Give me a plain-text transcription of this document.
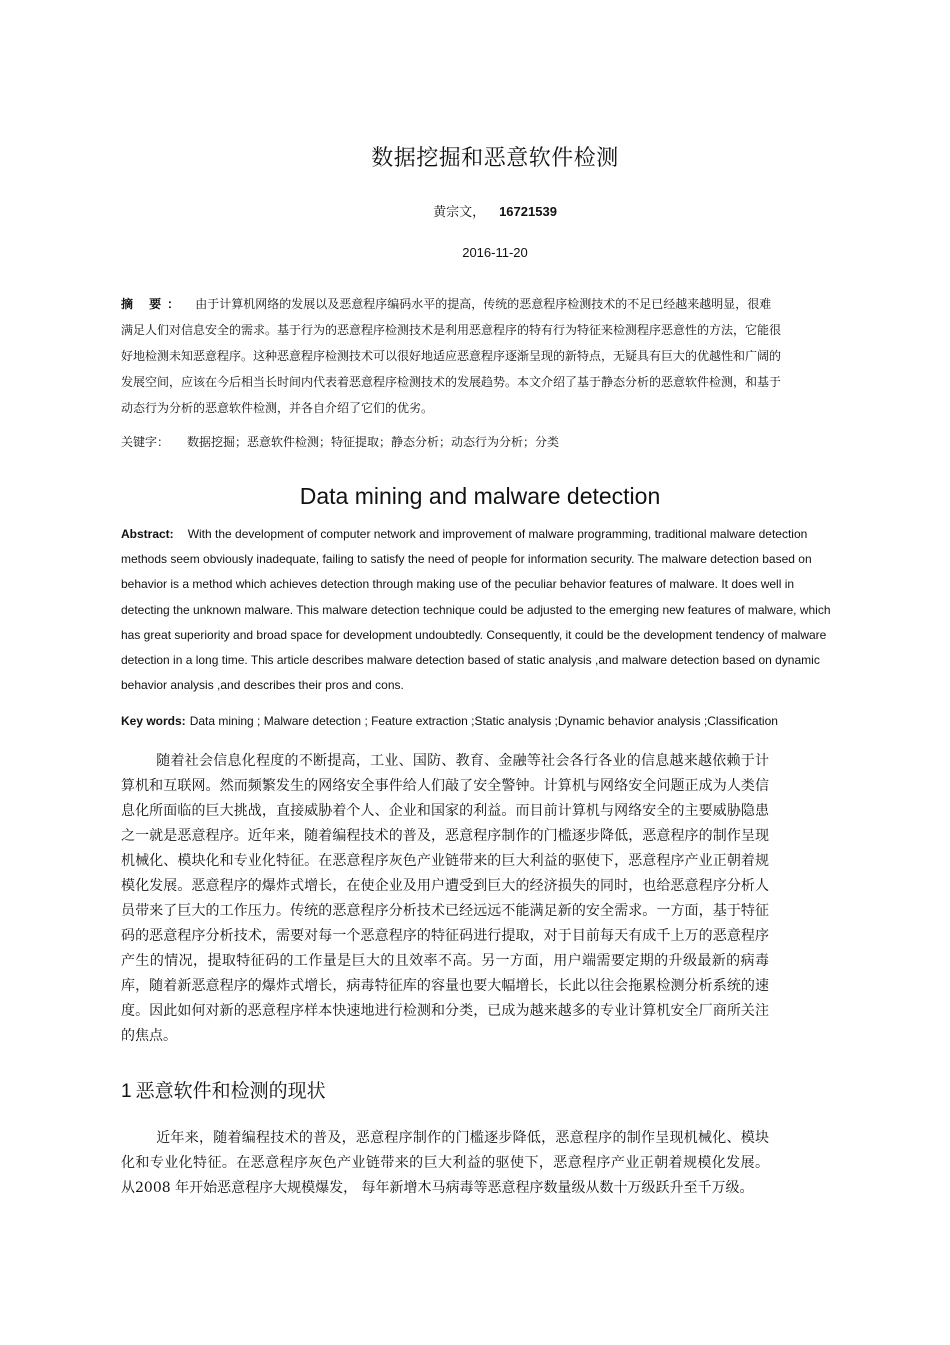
数据挖掘和恶意软件检测
黄宗文， 16721539
2016-11-20
摘 要： 由于计算机网络的发展以及恶意程序编码水平的提高，传统的恶意程序检测技术的不足已经越来越明显，很难满足人们对信息安全的需求。基于行为的恶意程序检测技术是利用恶意程序的特有行为特征来检测程序恶意性的方法，它能很好地检测未知恶意程序。这种恶意程序检测技术可以很好地适应恶意程序逐渐呈现的新特点，无疑具有巨大的优越性和广阔的发展空间，应该在今后相当长时间内代表着恶意程序检测技术的发展趋势。本文介绍了基于静态分析的恶意软件检测，和基于动态行为分析的恶意软件检测，并各自介绍了它们的优劣。
关键字： 数据挖掘；恶意软件检测；特征提取；静态分析；动态行为分析；分类
Data mining and malware detection
Abstract: With the development of computer network and improvement of malware programming, traditional malware detection methods seem obviously inadequate, failing to satisfy the need of people for information security. The malware detection based on behavior is a method which achieves detection through making use of the peculiar behavior features of malware. It does well in detecting the unknown malware. This malware detection technique could be adjusted to the emerging new features of malware, which has great superiority and broad space for development undoubtedly. Consequently, it could be the development tendency of malware detection in a long time. This article describes malware detection based of static analysis ,and malware detection based on dynamic behavior analysis ,and describes their pros and cons.
Key words: Data mining ; Malware detection ; Feature extraction ;Static analysis ;Dynamic behavior analysis ;Classification
随着社会信息化程度的不断提高，工业、国防、教育、金融等社会各行各业的信息越来越依赖于计算机和互联网。然而频繁发生的网络安全事件给人们敲了安全警钟。计算机与网络安全问题正成为人类信息化所面临的巨大挑战，直接威胁着个人、企业和国家的利益。而目前计算机与网络安全的主要威胁隐患之一就是恶意程序。近年来，随着编程技术的普及，恶意程序制作的门槛逐步降低，恶意程序的制作呈现机械化、模块化和专业化特征。在恶意程序灰色产业链带来的巨大利益的驱使下，恶意程序产业正朝着规模化发展。恶意程序的爆炸式增长，在使企业及用户遭受到巨大的经济损失的同时，也给恶意程序分析人员带来了巨大的工作压力。传统的恶意程序分析技术已经远远不能满足新的安全需求。一方面，基于特征码的恶意程序分析技术，需要对每一个恶意程序的特征码进行提取，对于目前每天有成千上万的恶意程序产生的情况，提取特征码的工作量是巨大的且效率不高。另一方面，用户端需要定期的升级最新的病毒库，随着新恶意程序的爆炸式增长，病毒特征库的容量也要大幅增长，长此以往会拖累检测分析系统的速度。因此如何对新的恶意程序样本快速地进行检测和分类，已成为越来越多的专业计算机安全厂商所关注的焦点。
1 恶意软件和检测的现状
近年来，随着编程技术的普及，恶意程序制作的门槛逐步降低，恶意程序的制作呈现机械化、模块化和专业化特征。在恶意程序灰色产业链带来的巨大利益的驱使下，恶意程序产业正朝着规模化发展。 从2008 年开始恶意程序大规模爆发， 每年新增木马病毒等恶意程序数量级从数十万级跃升至千万级。
